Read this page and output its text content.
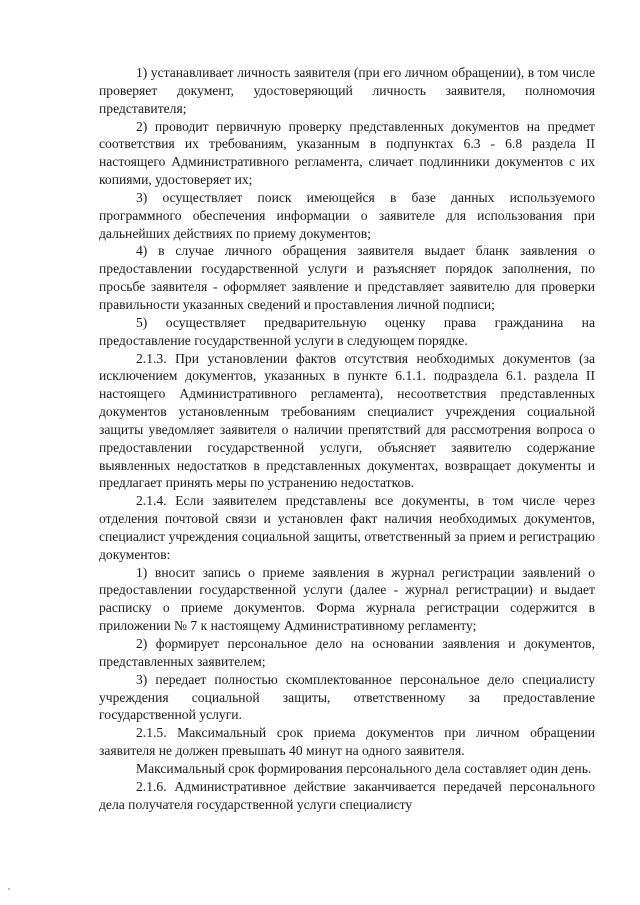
1) устанавливает личность заявителя (при его личном обращении), в том числе проверяет документ, удостоверяющий личность заявителя, полномочия представителя;

2) проводит первичную проверку представленных документов на предмет соответствия их требованиям, указанным в подпунктах 6.3 - 6.8 раздела II настоящего Административного регламента, сличает подлинники документов с их копиями, удостоверяет их;

3) осуществляет поиск имеющейся в базе данных используемого программного обеспечения информации о заявителе для использования при дальнейших действиях по приему документов;

4) в случае личного обращения заявителя выдает бланк заявления о предоставлении государственной услуги и разъясняет порядок заполнения, по просьбе заявителя - оформляет заявление и представляет заявителю для проверки правильности указанных сведений и проставления личной подписи;

5) осуществляет предварительную оценку права гражданина на предоставление государственной услуги в следующем порядке.

2.1.3. При установлении фактов отсутствия необходимых документов (за исключением документов, указанных в пункте 6.1.1. подраздела 6.1. раздела II настоящего Административного регламента), несоответствия представленных документов установленным требованиям специалист учреждения социальной защиты уведомляет заявителя о наличии препятствий для рассмотрения вопроса о предоставлении государственной услуги, объясняет заявителю содержание выявленных недостатков в представленных документах, возвращает документы и предлагает принять меры по устранению недостатков.

2.1.4. Если заявителем представлены все документы, в том числе через отделения почтовой связи и установлен факт наличия необходимых документов, специалист учреждения социальной защиты, ответственный за прием и регистрацию документов:

1) вносит запись о приеме заявления в журнал регистрации заявлений о предоставлении государственной услуги (далее - журнал регистрации) и выдает расписку о приеме документов. Форма журнала регистрации содержится в приложении № 7 к настоящему Административному регламенту;

2) формирует персональное дело на основании заявления и документов, представленных заявителем;

3) передает полностью скомплектованное персональное дело специалисту учреждения социальной защиты, ответственному за предоставление государственной услуги.

2.1.5. Максимальный срок приема документов при личном обращении заявителя не должен превышать 40 минут на одного заявителя.

Максимальный срок формирования персонального дела составляет один день.

2.1.6. Административное действие заканчивается передачей персонального дела получателя государственной услуги специалисту
